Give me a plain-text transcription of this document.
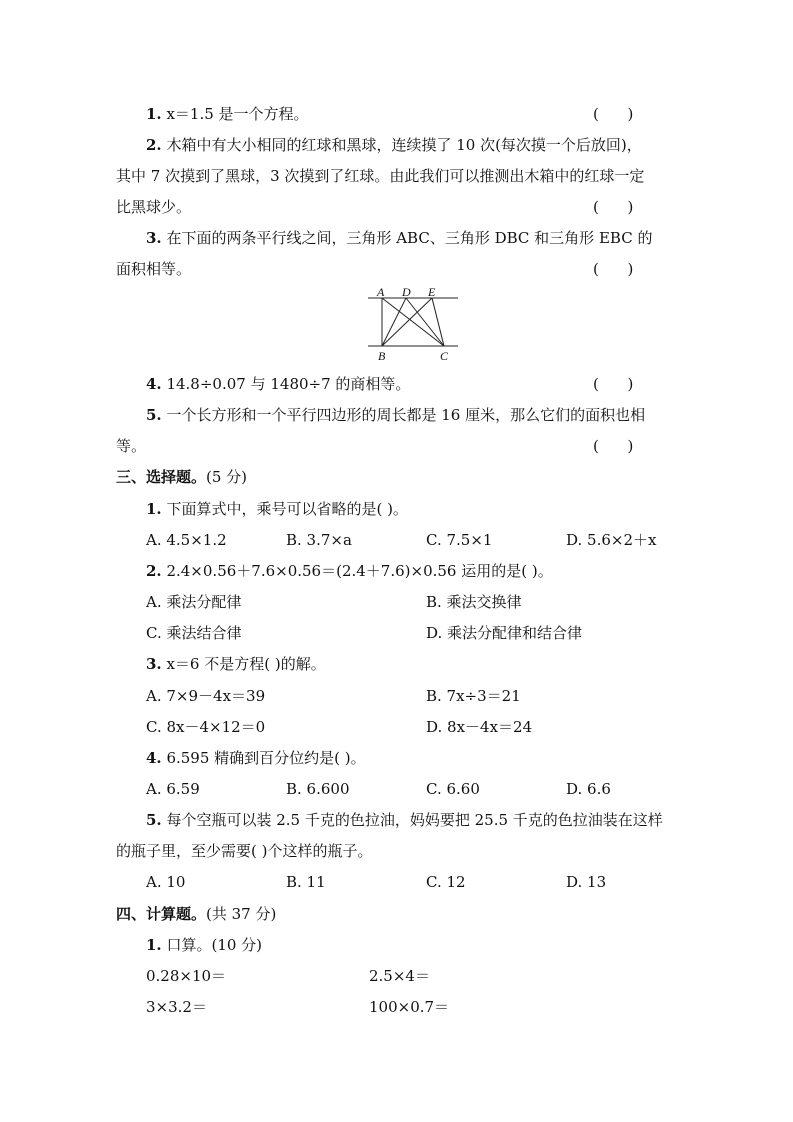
1. x＝1.5 是一个方程。	(      )
2. 木箱中有大小相同的红球和黑球，连续摸了 10 次(每次摸一个后放回)，
其中 7 次摸到了黑球，3 次摸到了红球。由此我们可以推测出木箱中的红球一定
比黑球少。	(      )
3. 在下面的两条平行线之间，三角形 ABC、三角形 DBC 和三角形 EBC 的
面积相等。	(      )
A D E
B	C
4. 14.8÷0.07 与 1480÷7 的商相等。	(      )
5. 一个长方形和一个平行四边形的周长都是 16 厘米，那么它们的面积也相
等。	(      )
三、选择题。(5 分)
1. 下面算式中，乘号可以省略的是( )。
A. 4.5×1.2	B. 3.7×a	C. 7.5×1	D. 5.6×2＋x
2. 2.4×0.56＋7.6×0.56＝(2.4＋7.6)×0.56 运用的是( )。
A. 乘法分配律	B. 乘法交换律
C. 乘法结合律	D. 乘法分配律和结合律
3. x＝6 不是方程( )的解。
A. 7×9－4x＝39	B. 7x÷3＝21
C. 8x－4×12＝0	D. 8x－4x＝24
4. 6.595 精确到百分位约是( )。
A. 6.59	B. 6.600	C. 6.60	D. 6.6
5. 每个空瓶可以装 2.5 千克的色拉油，妈妈要把 25.5 千克的色拉油装在这样
的瓶子里，至少需要( )个这样的瓶子。
A. 10	B. 11	C. 12	D. 13
四、计算题。(共 37 分)
1. 口算。(10 分)
0.28×10＝	2.5×4＝
3×3.2＝	100×0.7＝
